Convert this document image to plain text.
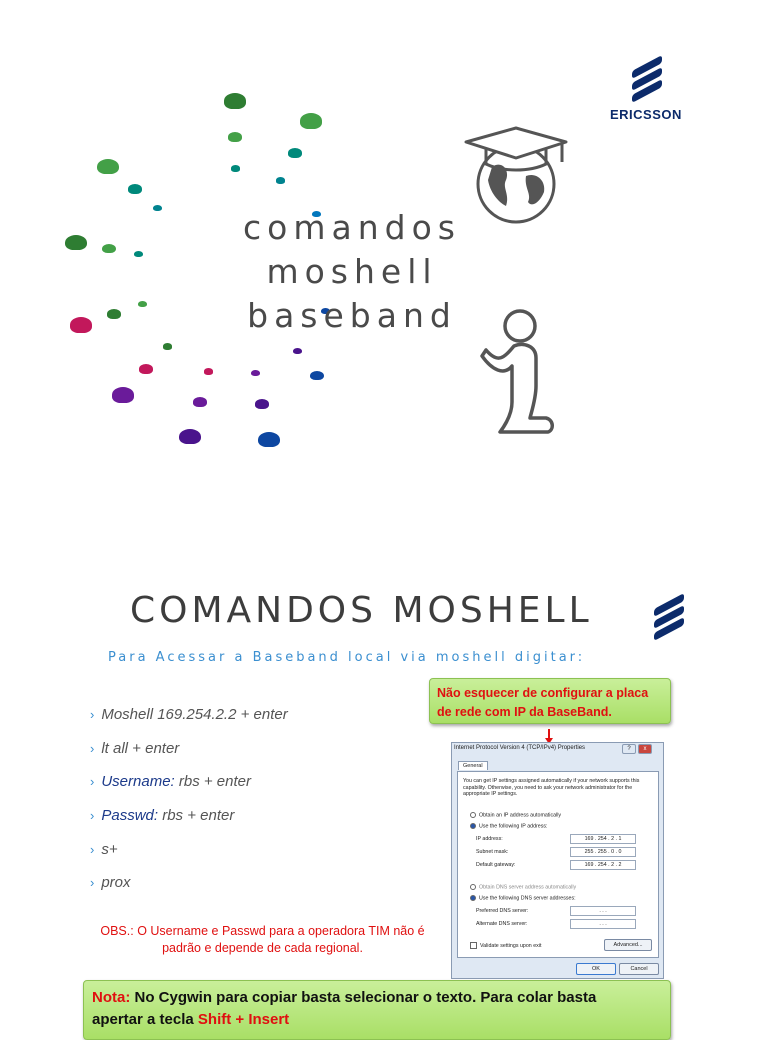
comandos
moshell
baseband
ERICSSON
COMANDOS MOSHELL
Para Acessar a Baseband local via moshell digitar:
› Moshell 169.254.2.2 + enter
› lt all + enter
› Username: rbs + enter
› Passwd: rbs + enter
› s+
› prox
Não esquecer de configurar a placa de rede com IP da BaseBand.
Internet Protocol Version 4 (TCP/IPv4) Properties	?	x
General
You can get IP settings assigned automatically if your network supports this capability. Otherwise, you need to ask your network administrator for the appropriate IP settings.
Obtain an IP address automatically
Use the following IP address:
IP address:	169 . 254 . 2 . 1
Subnet mask:	255 . 255 . 0 . 0
Default gateway:	169 . 254 . 2 . 2
Obtain DNS server address automatically
Use the following DNS server addresses:
Preferred DNS server:	. . .
Alternate DNS server:	. . .
Validate settings upon exit	Advanced...
OK	Cancel
OBS.: O Username e Passwd para a operadora TIM não é
padrão e depende de cada regional.
Nota: No Cygwin para copiar basta selecionar o texto. Para colar basta
apertar a tecla Shift + Insert
